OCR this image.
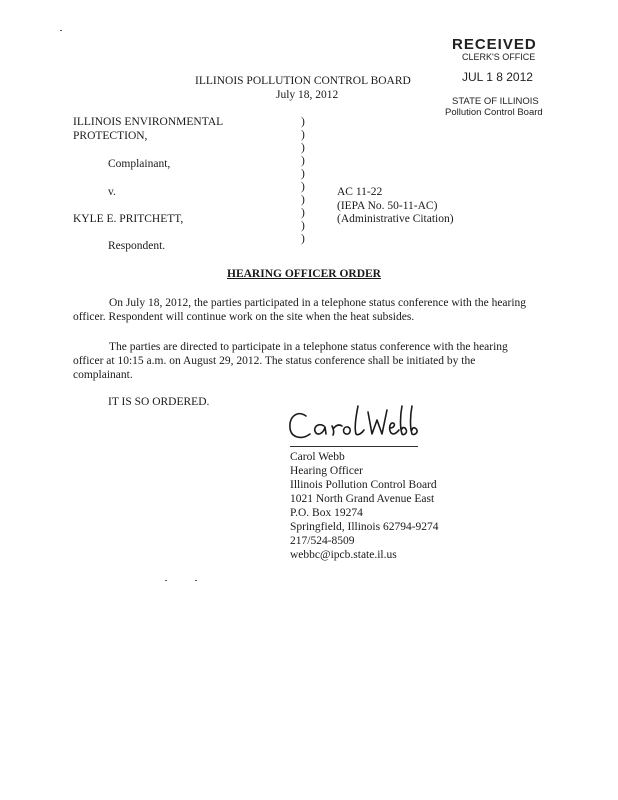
RECEIVED
CLERK'S OFFICE
JUL 1 8 2012
STATE OF ILLINOIS
Pollution Control Board
ILLINOIS POLLUTION CONTROL BOARD
July 18, 2012
ILLINOIS ENVIRONMENTAL
PROTECTION,
Complainant,
v.
KYLE E. PRITCHETT,
Respondent.
)
)
)
)
)
)
)
)
)
)
AC 11-22
(IEPA No. 50-11-AC)
(Administrative Citation)
HEARING OFFICER ORDER
On July 18, 2012, the parties participated in a telephone status conference with the hearing officer. Respondent will continue work on the site when the heat subsides.
The parties are directed to participate in a telephone status conference with the hearing officer at 10:15 a.m. on August 29, 2012. The status conference shall be initiated by the complainant.
IT IS SO ORDERED.
Carol Webb
Hearing Officer
Illinois Pollution Control Board
1021 North Grand Avenue East
P.O. Box 19274
Springfield, Illinois 62794-9274
217/524-8509
webbc@ipcb.state.il.us
